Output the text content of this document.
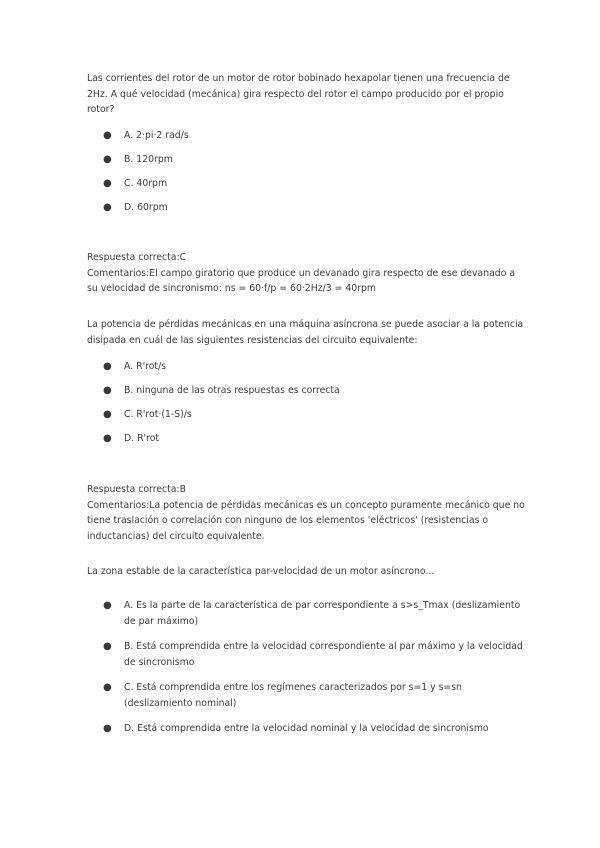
Las corrientes del rotor de un motor de rotor bobinado hexapolar tienen una frecuencia de 2Hz. A qué velocidad (mecánica) gira respecto del rotor el campo producido por el propio rotor?

● A. 2·pi·2 rad/s
● B. 120rpm
● C. 40rpm
● D. 60rpm

Respuesta correcta:C

Comentarios:El campo giratorio que produce un devanado gira respecto de ese devanado a su velocidad de sincronismo: ns = 60·f/p = 60·2Hz/3 = 40rpm

La potencia de pérdidas mecánicas en una máquina asíncrona se puede asociar a la potencia disipada en cuál de las siguientes resistencias del circuito equivalente:

● A. R'rot/s
● B. ninguna de las otras respuestas es correcta
● C. R'rot·(1-S)/s
● D. R'rot

Respuesta correcta:B

Comentarios:La potencia de pérdidas mecánicas es un concepto puramente mecánico que no tiene traslación o correlación con ninguno de los elementos 'eléctricos' (resistencias o inductancias) del circuito equivalente.

La zona estable de la característica par-velocidad de un motor asíncrono...

● A. Es la parte de la característica de par correspondiente a s>s_Tmax (deslizamiento de par máximo)
● B. Está comprendida entre la velocidad correspondiente al par máximo y la velocidad de sincronismo
● C. Está comprendida entre los regímenes caracterizados por s=1 y s=sn (deslizamiento nominal)
● D. Está comprendida entre la velocidad nominal y la velocidad de sincronismo
